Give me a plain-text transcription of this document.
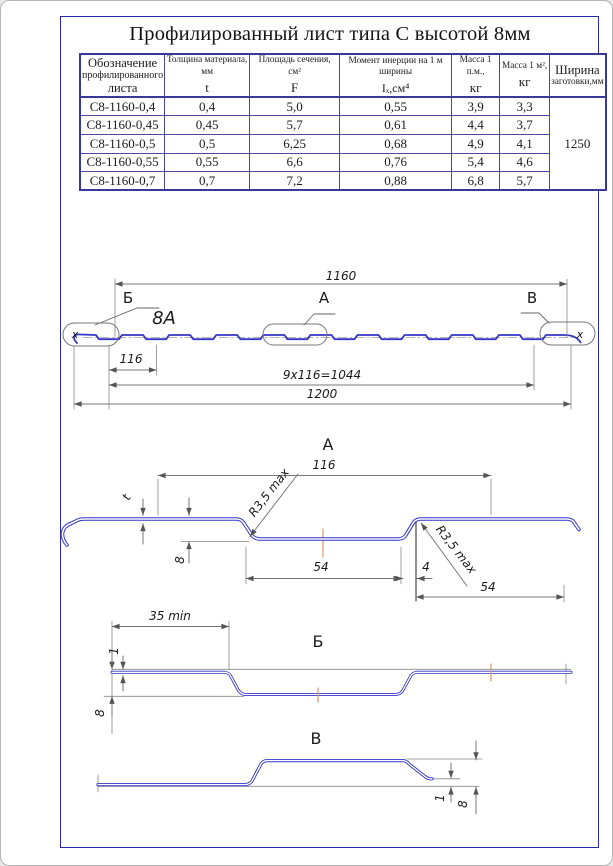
Профилированный лист типа С высотой 8мм
Обозначение
профилированного
листа

Толщина материала, мм
t

Площадь сечения, см²
F

Момент инерции на 1 м ширины
Iₓ,см⁴

Масса 1 п.м.,
кг

Масса 1 м²,
кг

Ширина
заготовки,мм

С8-1160-0,4	0,4	5,0	0,55	3,9	3,3	1250
С8-1160-0,45	0,45	5,7	0,61	4,4	3,7	
С8-1160-0,5	0,5	6,25	0,68	4,9	4,1	
С8-1160-0,55	0,55	6,6	0,76	5,4	4,6	
С8-1160-0,7	0,7	7,2	0,88	6,8	5,7	
1160
116
9x116=1044
1200
Б
8А
А	В
x	x
А
116
t	R3,5 max
R3,5 max
8	54	4
54
Б
35 min
1
8
В
1
8
